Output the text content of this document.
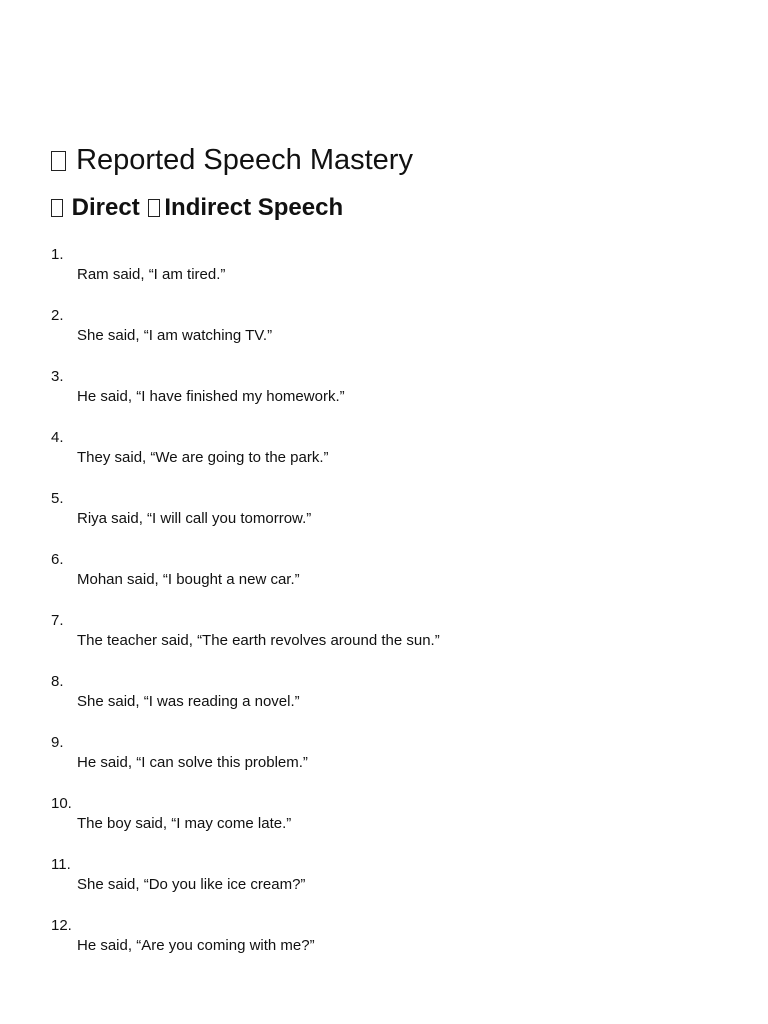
Reported Speech Mastery
Direct Indirect Speech
1.
Ram said, “I am tired.”
2.
She said, “I am watching TV.”
3.
He said, “I have finished my homework.”
4.
They said, “We are going to the park.”
5.
Riya said, “I will call you tomorrow.”
6.
Mohan said, “I bought a new car.”
7.
The teacher said, “The earth revolves around the sun.”
8.
She said, “I was reading a novel.”
9.
He said, “I can solve this problem.”
10.
The boy said, “I may come late.”
11.
She said, “Do you like ice cream?”
12.
He said, “Are you coming with me?”
